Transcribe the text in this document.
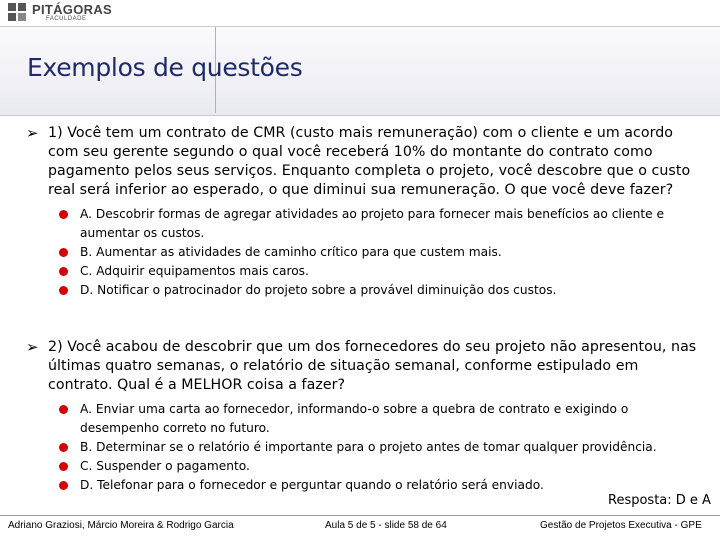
PITÁGORAS
FACULDADE
Exemplos de questões
➢ 1) Você tem um contrato de CMR (custo mais remuneração) com o cliente e um acordo com seu gerente segundo o qual você receberá 10% do montante do contrato como pagamento pelos seus serviços. Enquanto completa o projeto, você descobre que o custo real será inferior ao esperado, o que diminui sua remuneração. O que você deve fazer?
A. Descobrir formas de agregar atividades ao projeto para fornecer mais benefícios ao cliente e aumentar os custos.
B. Aumentar as atividades de caminho crítico para que custem mais.
C. Adquirir equipamentos mais caros.
D. Notificar o patrocinador do projeto sobre a provável diminuição dos custos.
➢ 2) Você acabou de descobrir que um dos fornecedores do seu projeto não apresentou, nas últimas quatro semanas, o relatório de situação semanal, conforme estipulado em contrato. Qual é a MELHOR coisa a fazer?
A. Enviar uma carta ao fornecedor, informando-o sobre a quebra de contrato e exigindo o desempenho correto no futuro.
B. Determinar se o relatório é importante para o projeto antes de tomar qualquer providência.
C. Suspender o pagamento.
D. Telefonar para o fornecedor e perguntar quando o relatório será enviado.
Resposta: D e A
Adriano Graziosi, Márcio Moreira & Rodrigo Garcia	Aula 5 de 5 - slide 58 de 64	Gestão de Projetos Executiva - GPE
